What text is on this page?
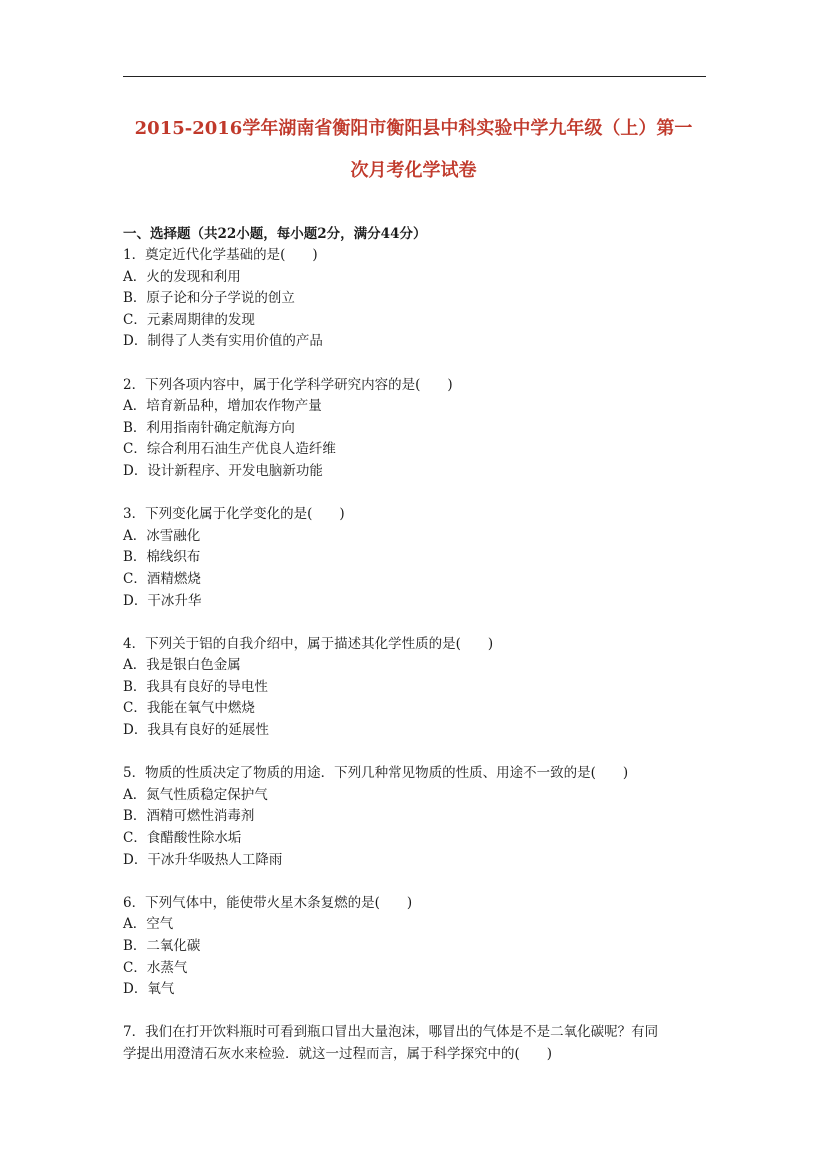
2015-2016学年湖南省衡阳市衡阳县中科实验中学九年级（上）第一
次月考化学试卷
一、选择题（共22小题，每小题2分，满分44分）
1．奠定近代化学基础的是(　　)
A．火的发现和利用
B．原子论和分子学说的创立
C．元素周期律的发现
D．制得了人类有实用价值的产品
2．下列各项内容中，属于化学科学研究内容的是(　　)
A．培育新品种，增加农作物产量
B．利用指南针确定航海方向
C．综合利用石油生产优良人造纤维
D．设计新程序、开发电脑新功能
3．下列变化属于化学变化的是(　　)
A．冰雪融化
B．棉线织布
C．酒精燃烧
D．干冰升华
4．下列关于铝的自我介绍中，属于描述其化学性质的是(　　)
A．我是银白色金属
B．我具有良好的导电性
C．我能在氧气中燃烧
D．我具有良好的延展性
5．物质的性质决定了物质的用途．下列几种常见物质的性质、用途不一致的是(　　)
A．氮气性质稳定保护气
B．酒精可燃性消毒剂
C．食醋酸性除水垢
D．干冰升华吸热人工降雨
6．下列气体中，能使带火星木条复燃的是(　　)
A．空气
B．二氧化碳
C．水蒸气
D．氧气
7．我们在打开饮料瓶时可看到瓶口冒出大量泡沫，哪冒出的气体是不是二氧化碳呢？有同
学提出用澄清石灰水来检验．就这一过程而言，属于科学探究中的(　　)
